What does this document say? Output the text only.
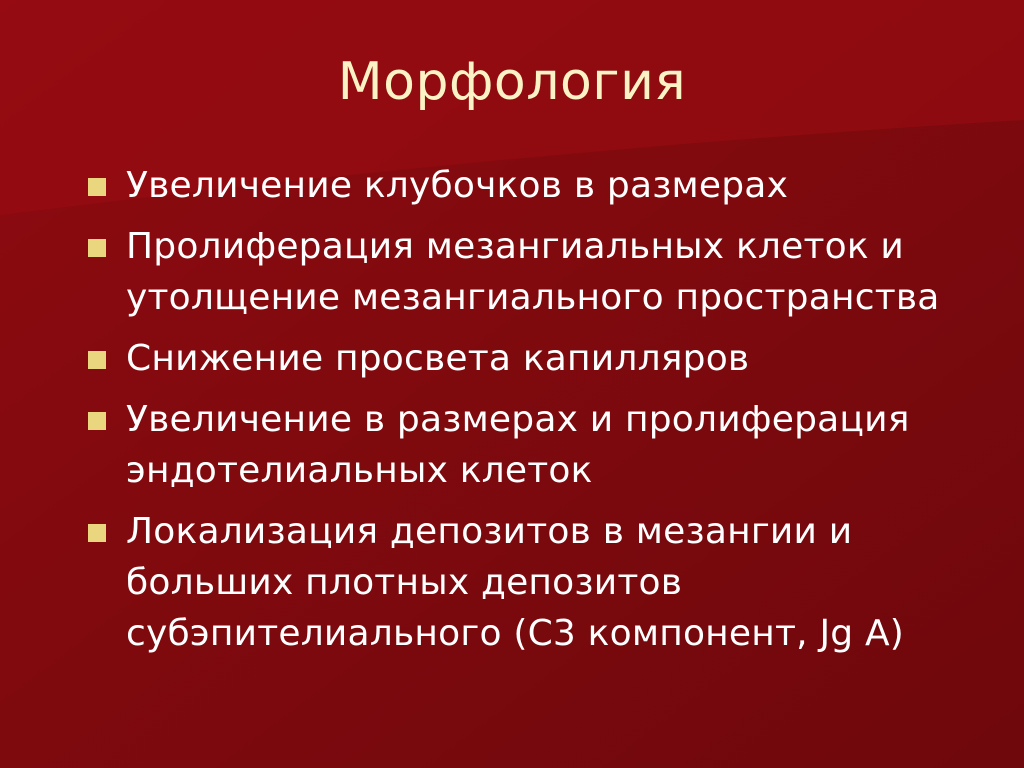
Морфология
Увеличение клубочков в размерах
Пролиферация мезангиальных клеток и утолщение мезангиального пространства
Снижение просвета капилляров
Увеличение в размерах и пролиферация эндотелиальных клеток
Локализация депозитов в мезангии и больших плотных депозитов субэпителиального (С3 компонент, Jg A)
